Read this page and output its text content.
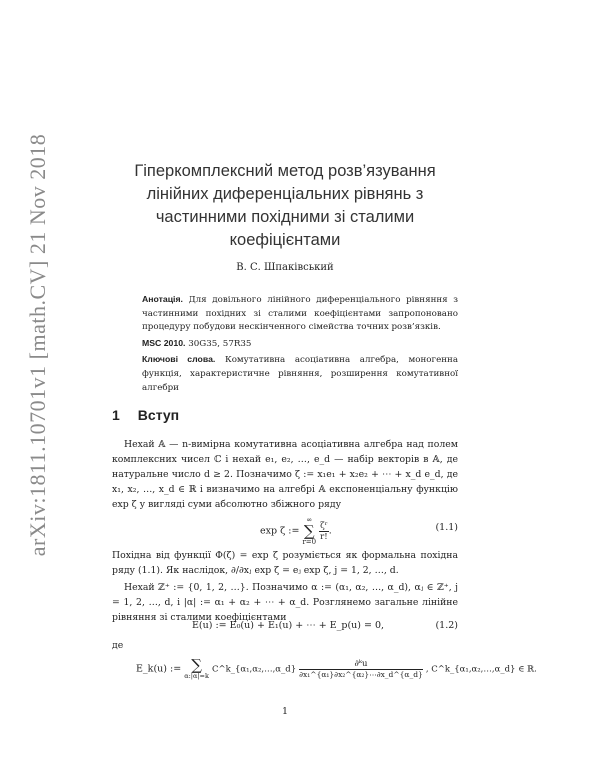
arXiv:1811.10701v1 [math.CV] 21 Nov 2018	Гіперкомплексний метод розв’язування
лінійних диференціальних рівнянь з
частинними похідними зі сталими
коефіцієнтами
В. С. Шпаківський

Анотація. Для довільного лінійного диференціального рівняння з частинними похідних зі сталими коефіцієнтами запропоновано процедуру побудови нескінченного сімейства точних розв’язків.

MSC 2010. 30G35, 57R35

Ключові слова. Комутативна асоціативна алгебра, моногенна функція, характеристичне рівняння, розширення комутативної алгебри

1 Вступ

Нехай 𝔸 — n-вимірна комутативна асоціативна алгебра над полем комплексних чисел ℂ і нехай e₁, e₂, …, e_d — набір векторів в 𝔸, де натуральне число d ≥ 2. Позначимо ζ := x₁e₁ + x₂e₂ + ⋯ + x_d e_d, де x₁, x₂, …, x_d ∈ ℝ і визначимо на алгебрі 𝔸 експоненціальну функцію exp ζ у вигляді суми абсолютно збіжного ряду

exp ζ :=
∞
∑
r=0

$\frac{\text{ζʳ}}{r!}$ .	(1.1)

Похідна від функції Φ(ζ) = exp ζ розуміється як формальна похідна ряду (1.1). Як наслідок, ∂/∂xⱼ exp ζ = eⱼ exp ζ, j = 1, 2, …, d.

Нехай ℤ⁺ := {0, 1, 2, …}. Позначимо α := (α₁, α₂, …, α_d), αⱼ ∈ ℤ⁺, j = 1, 2, …, d, і |α| := α₁ + α₂ + ⋯ + α_d. Розглянемо загальне лінійне рівняння зі сталими коефіцієнтами

E(u) := E₀(u) + E₁(u) + ⋯ + E_p(u) = 0,	(1.2)
де
E_k(u) := ∑
α:|α|=k
C^k_{α₁,α₂,…,α_d} $\frac{\text{∂ᵏu}}{\text{∂x₁\textasciicircum{}\{α₁\}∂x₂\textasciicircum{}\{α₂\}⋯∂x\_d\textasciicircum{}\{α\_d\}}}$ , C^k_{α₁,α₂,…,α_d} ∈ ℝ.
1
